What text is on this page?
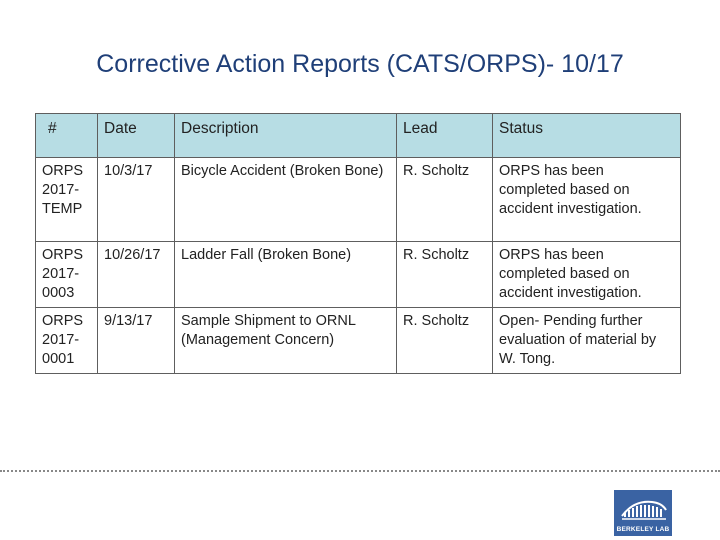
Corrective Action Reports (CATS/ORPS)- 10/17
#	Date	Description	Lead	Status
ORPS 2017-TEMP	10/3/17	Bicycle Accident (Broken Bone)	R. Scholtz	ORPS has been completed based on accident investigation.
ORPS 2017-0003	10/26/17	Ladder Fall (Broken Bone)	R. Scholtz	ORPS has been completed based on accident investigation.
ORPS 2017-0001	9/13/17	Sample Shipment to ORNL (Management Concern)	R. Scholtz	Open- Pending further evaluation of material by W. Tong.
BERKELEY LAB
